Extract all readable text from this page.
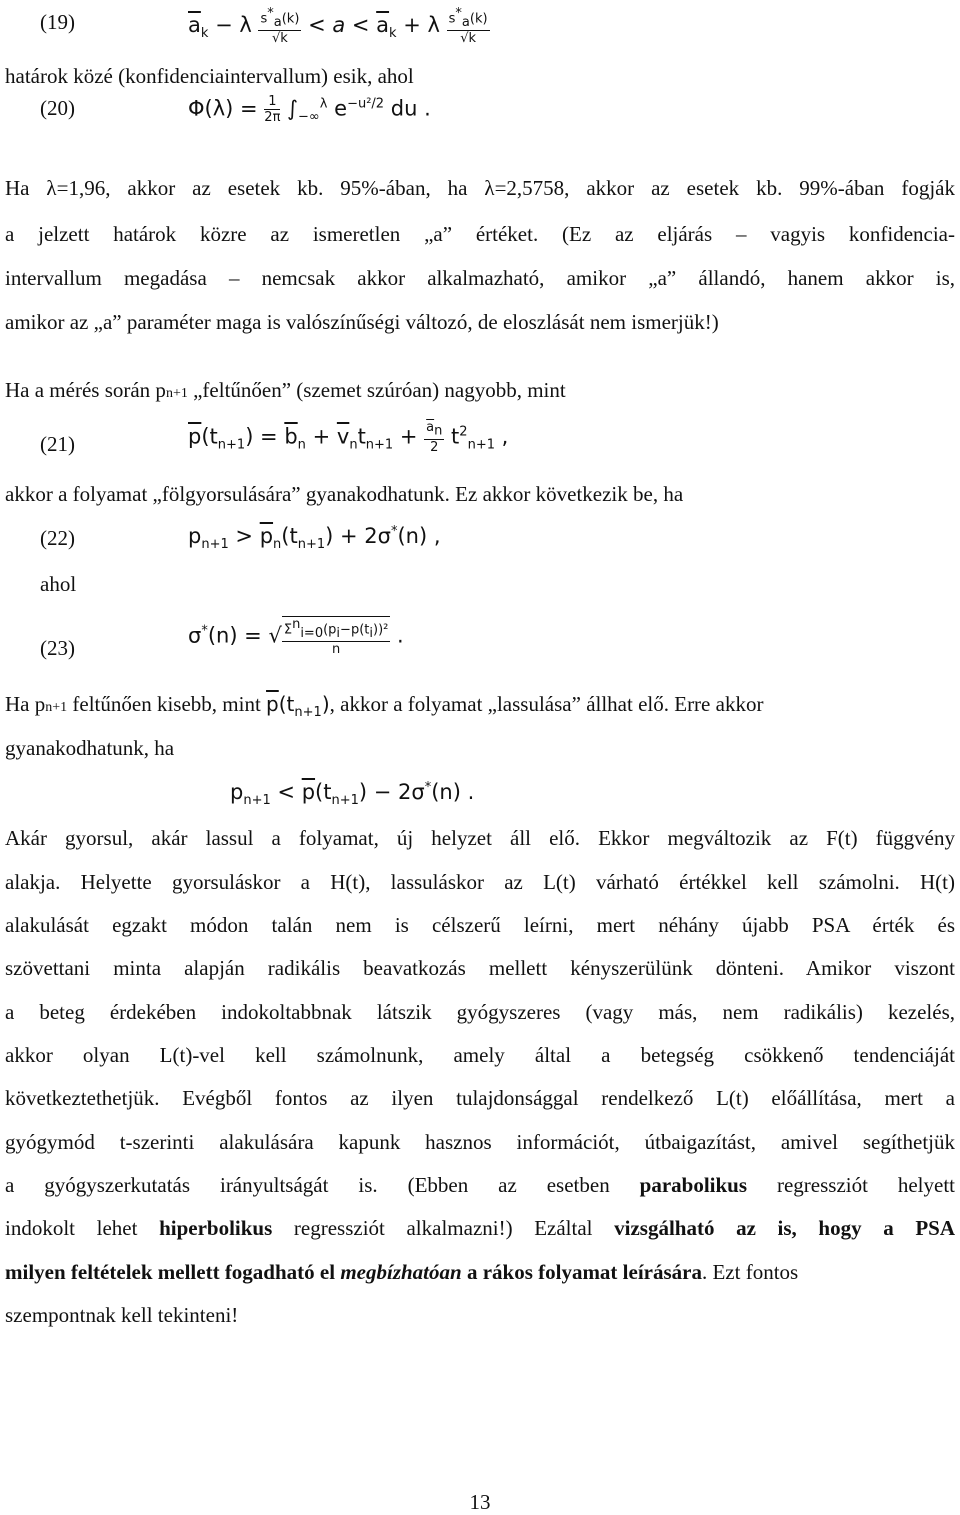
(19)	$\overline{a}_k - \lambda \frac{s^*_a(k)}{√k} < a < \overline{a}_k + \lambda \frac{s^*_a(k)}{√k}$
határok közé (konfidenciaintervallum) esik, ahol
(20)	$\Phi(\lambda) = \frac{1}{2\pi} \int_{-\infty}^\lambda$ $e^{-u^2/2}$ du .
Ha λ=1,96, akkor az esetek kb. 95%-ában, ha λ=2,5758, akkor az esetek kb. 99%-ában fogják
a jelzett határok közre az ismeretlen „a” értéket. (Ez az eljárás – vagyis konfidencia-
intervallum megadása – nemcsak akkor alkalmazható, amikor „a” állandó, hanem akkor is,
amikor az „a” paraméter maga is valószínűségi változó, de eloszlását nem ismerjük!)
Ha a mérés során pn+1 „feltűnően” (szemet szúróan) nagyobb, mint
(21)	$\overline{p}(t_{n+1}) = \overline{b}_n + \overline{v}_nt_{n+1} + \frac{\overline{a}_n}{2} t^2_{n+1}$ ,
akkor a folyamat „fölgyorsulására” gyanakodhatunk. Ez akkor következik be, ha
(22)	$p_{n+1} > \overline{p}_n(t_{n+1}) + 2\sigma^*(n)$ ,
ahol
(23)
σ*(n) = √ $\frac{\Sigma^n_{i=0}(p_i-p(t_i))^2}{n}$ .
Ha pn+1 feltűnően kisebb, mint $\overline{p}(t_{n+1})$, akkor a folyamat „lassulása” állhat elő. Erre akkor
gyanakodhatunk, ha
$p_{n+1} < \overline{p}(t_{n+1}) - 2\sigma^*(n)$ .
Akár gyorsul, akár lassul a folyamat, új helyzet áll elő. Ekkor megváltozik az F(t) függvény
alakja. Helyette gyorsuláskor a H(t), lassuláskor az L(t) várható értékkel kell számolni. H(t)
alakulását egzakt módon talán nem is célszerű leírni, mert néhány újabb PSA érték és
szövettani minta alapján radikális beavatkozás mellett kényszerülünk dönteni. Amikor viszont
a beteg érdekében indokoltabbnak látszik gyógyszeres (vagy más, nem radikális) kezelés,
akkor olyan L(t)-vel kell számolnunk, amely által a betegség csökkenő tendenciáját
következtethetjük. Evégből fontos az ilyen tulajdonsággal rendelkező L(t) előállítása, mert a
gyógymód t-szerinti alakulására kapunk hasznos információt, útbaigazítást, amivel segíthetjük
a gyógyszerkutatás irányultságát is. (Ebben az esetben parabolikus regressziót helyett
indokolt lehet hiperbolikus regressziót alkalmazni!) Ezáltal vizsgálható az is, hogy a PSA
milyen feltételek mellett fogadható el megbízhatóan a rákos folyamat leírására. Ezt fontos
szempontnak kell tekinteni!
13
